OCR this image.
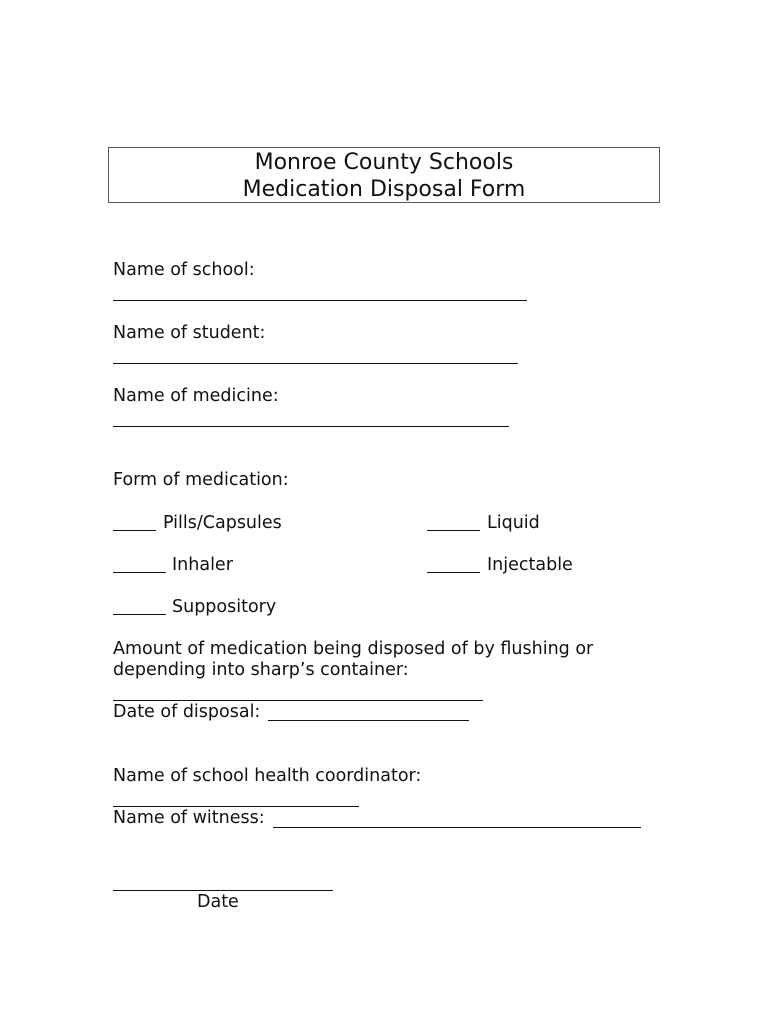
Monroe County Schools
Medication Disposal Form
Name of school:
Name of student:
Name of medicine:
Form of medication:
Pills/Capsules	Liquid
Inhaler	Injectable
Suppository
Amount of medication being disposed of by flushing or
depending into sharp’s container:
Date of disposal:
Name of school health coordinator:
Name of witness:
Date
